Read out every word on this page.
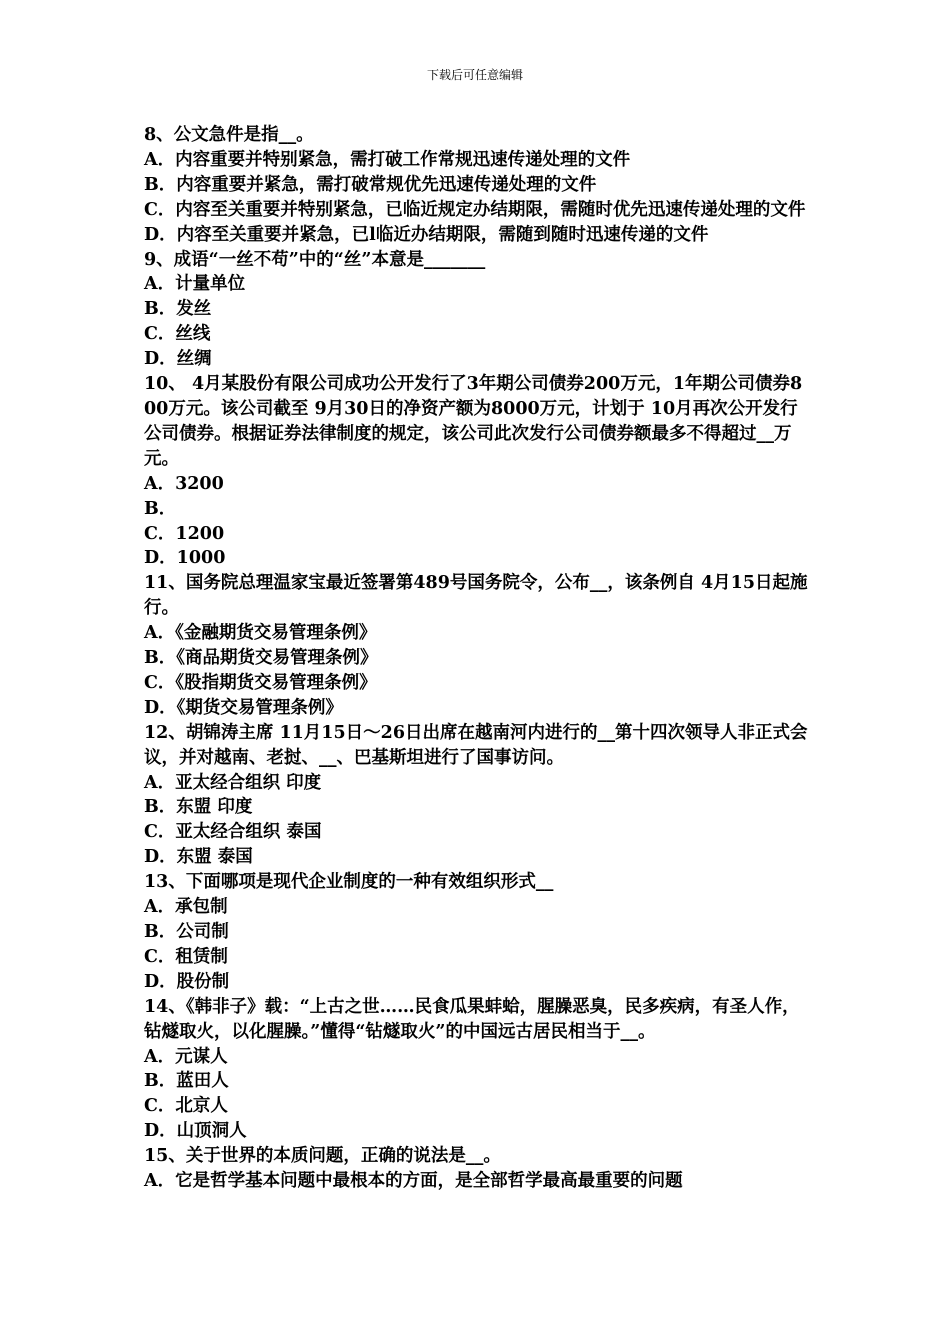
下载后可任意编辑
8、公文急件是指__。
A．内容重要并特别紧急，需打破工作常规迅速传递处理的文件
B．内容重要并紧急，需打破常规优先迅速传递处理的文件
C．内容至关重要并特别紧急，已临近规定办结期限，需随时优先迅速传递处理的文件
D．内容至关重要并紧急，已l临近办结期限，需随到随时迅速传递的文件
9、成语“一丝不苟”中的“丝”本意是_______
A．计量单位
B．发丝
C．丝线
D．丝绸
10、 4月某股份有限公司成功公开发行了3年期公司债券200万元，1年期公司债券800万元。该公司截至 9月30日的净资产额为8000万元，计划于 10月再次公开发行公司债券。根据证券法律制度的规定，该公司此次发行公司债券额最多不得超过__万元。
A．3200
B．
C．1200
D．1000
11、国务院总理温家宝最近签署第489号国务院令，公布__，该条例自 4月15日起施行。
A．《金融期货交易管理条例》
B．《商品期货交易管理条例》
C．《股指期货交易管理条例》
D．《期货交易管理条例》
12、胡锦涛主席 11月15日～26日出席在越南河内进行的__第十四次领导人非正式会议，并对越南、老挝、__、巴基斯坦进行了国事访问。
A．亚太经合组织 印度
B．东盟 印度
C．亚太经合组织 泰国
D．东盟 泰国
13、下面哪项是现代企业制度的一种有效组织形式__
A．承包制
B．公司制
C．租赁制
D．股份制
14、《韩非子》载：“上古之世……民食瓜果蚌蛤，腥臊恶臭，民多疾病，有圣人作，钻燧取火，以化腥臊。”懂得“钻燧取火”的中国远古居民相当于__。
A．元谋人
B．蓝田人
C．北京人
D．山顶洞人
15、关于世界的本质问题，正确的说法是__。
A．它是哲学基本问题中最根本的方面，是全部哲学最高最重要的问题
